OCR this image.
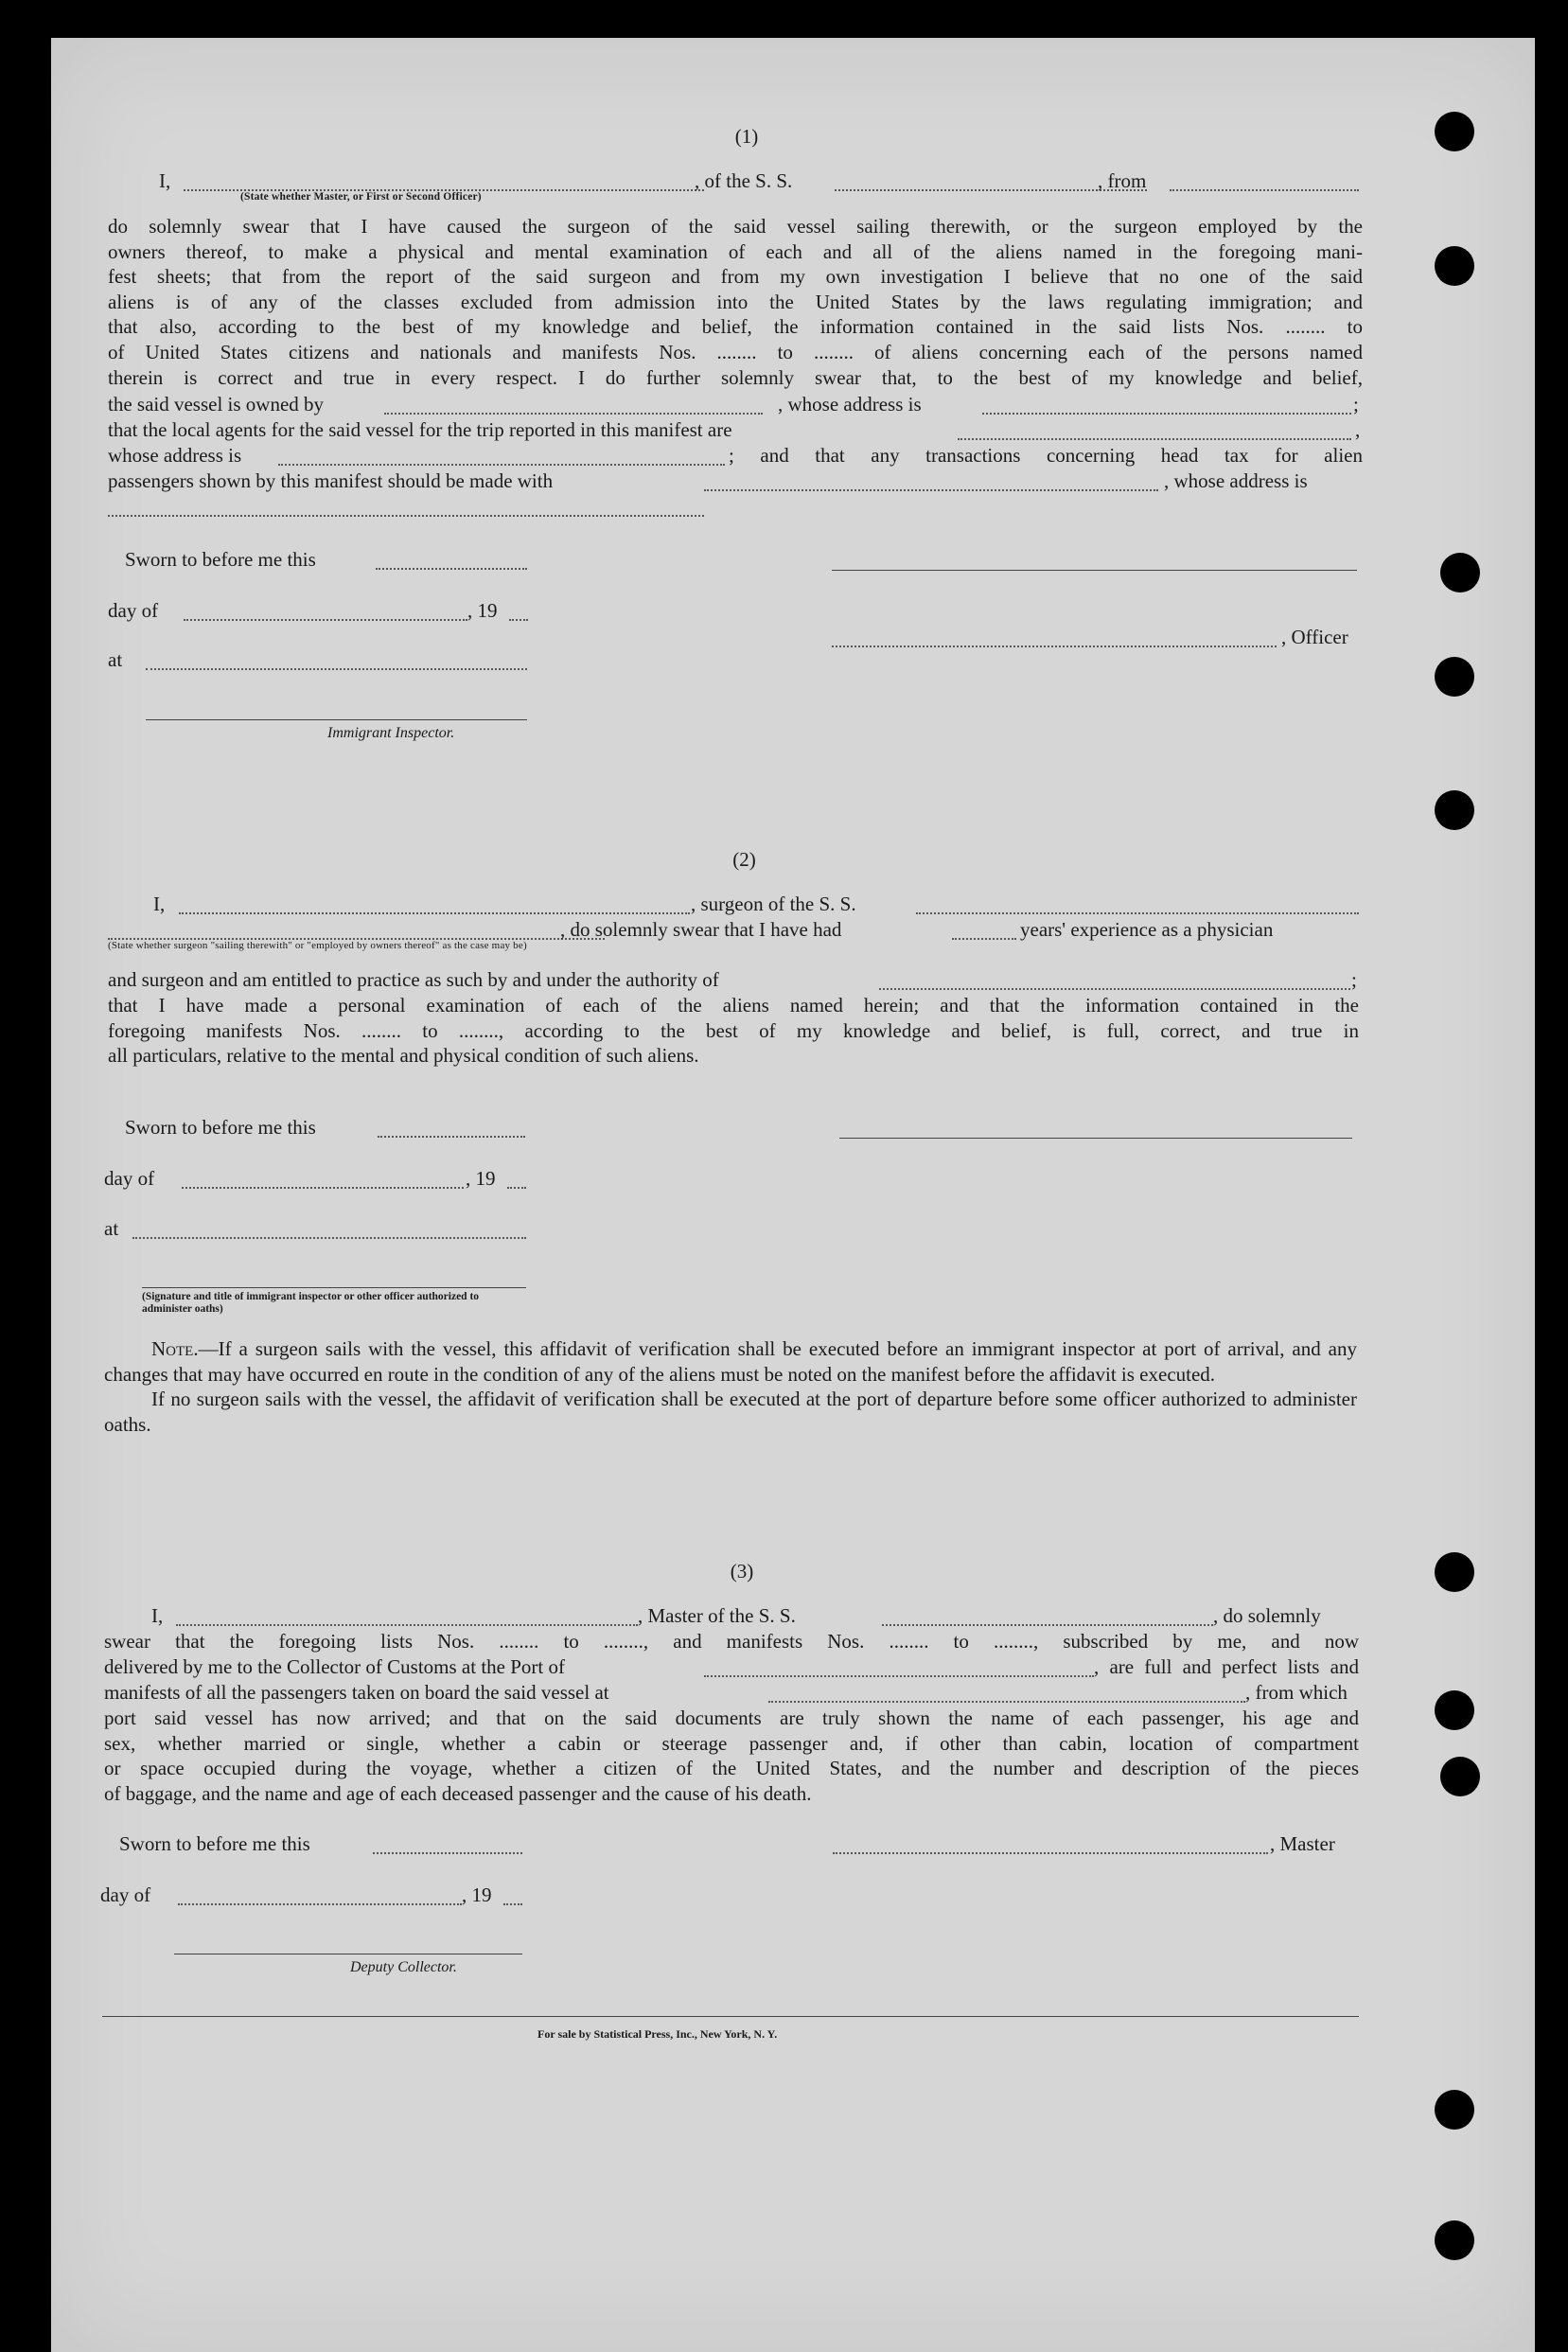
(1)
I,	, of the S. S.	, from
(State whether Master, or First or Second Officer)

do solemnly swear that I have caused the surgeon of the said vessel sailing therewith, or the surgeon employed by the

owners thereof, to make a physical and mental examination of each and all of the aliens named in the foregoing mani-

fest sheets; that from the report of the said surgeon and from my own investigation I believe that no one of the said

aliens is of any of the classes excluded from admission into the United States by the laws regulating immigration; and

that also, according to the best of my knowledge and belief, the information contained in the said lists Nos. ........ to

of United States citizens and nationals and manifests Nos. ........ to ........ of aliens concerning each of the persons named

therein is correct and true in every respect. I do further solemnly swear that, to the best of my knowledge and belief,

the said vessel is owned by	, whose address is	;
that the local agents for the said vessel for the trip reported in this manifest are	,
whose address is	; and that any transactions concerning head tax for alien
passengers shown by this manifest should be made with	, whose address is
Sworn to before me this
day of	, 19
, Officer
at
Immigrant Inspector.
(2)
I,	, surgeon of the S. S.
, do solemnly swear that I have had	years' experience as a physician
(State whether surgeon "sailing therewith" or "employed by owners thereof" as the case may be)
and surgeon and am entitled to practice as such by and under the authority of	;

that I have made a personal examination of each of the aliens named herein; and that the information contained in the

foregoing manifests Nos. ........ to ........, according to the best of my knowledge and belief, is full, correct, and true in

all particulars, relative to the mental and physical condition of such aliens.

Sworn to before me this
day of	, 19
at
(Signature and title of immigrant inspector or other officer authorized to administer oaths)

Note.—If a surgeon sails with the vessel, this affidavit of verification shall be executed before an immigrant inspector at port of arrival, and any changes that may have occurred en route in the condition of any of the aliens must be noted on the manifest before the affidavit is executed.

If no surgeon sails with the vessel, the affidavit of verification shall be executed at the port of departure before some officer authorized to administer oaths.

(3)
I,	, Master of the S. S.	, do solemnly
swear that the foregoing lists Nos. ........ to ........, and manifests Nos. ........ to ........, subscribed by me, and now
delivered by me to the Collector of Customs at the Port of	, are full and perfect lists and
manifests of all the passengers taken on board the said vessel at	, from which

port said vessel has now arrived; and that on the said documents are truly shown the name of each passenger, his age and

sex, whether married or single, whether a cabin or steerage passenger and, if other than cabin, location of compartment

or space occupied during the voyage, whether a citizen of the United States, and the number and description of the pieces

of baggage, and the name and age of each deceased passenger and the cause of his death.

Sworn to before me this	, Master
day of	, 19
Deputy Collector.
For sale by Statistical Press, Inc., New York, N. Y.
